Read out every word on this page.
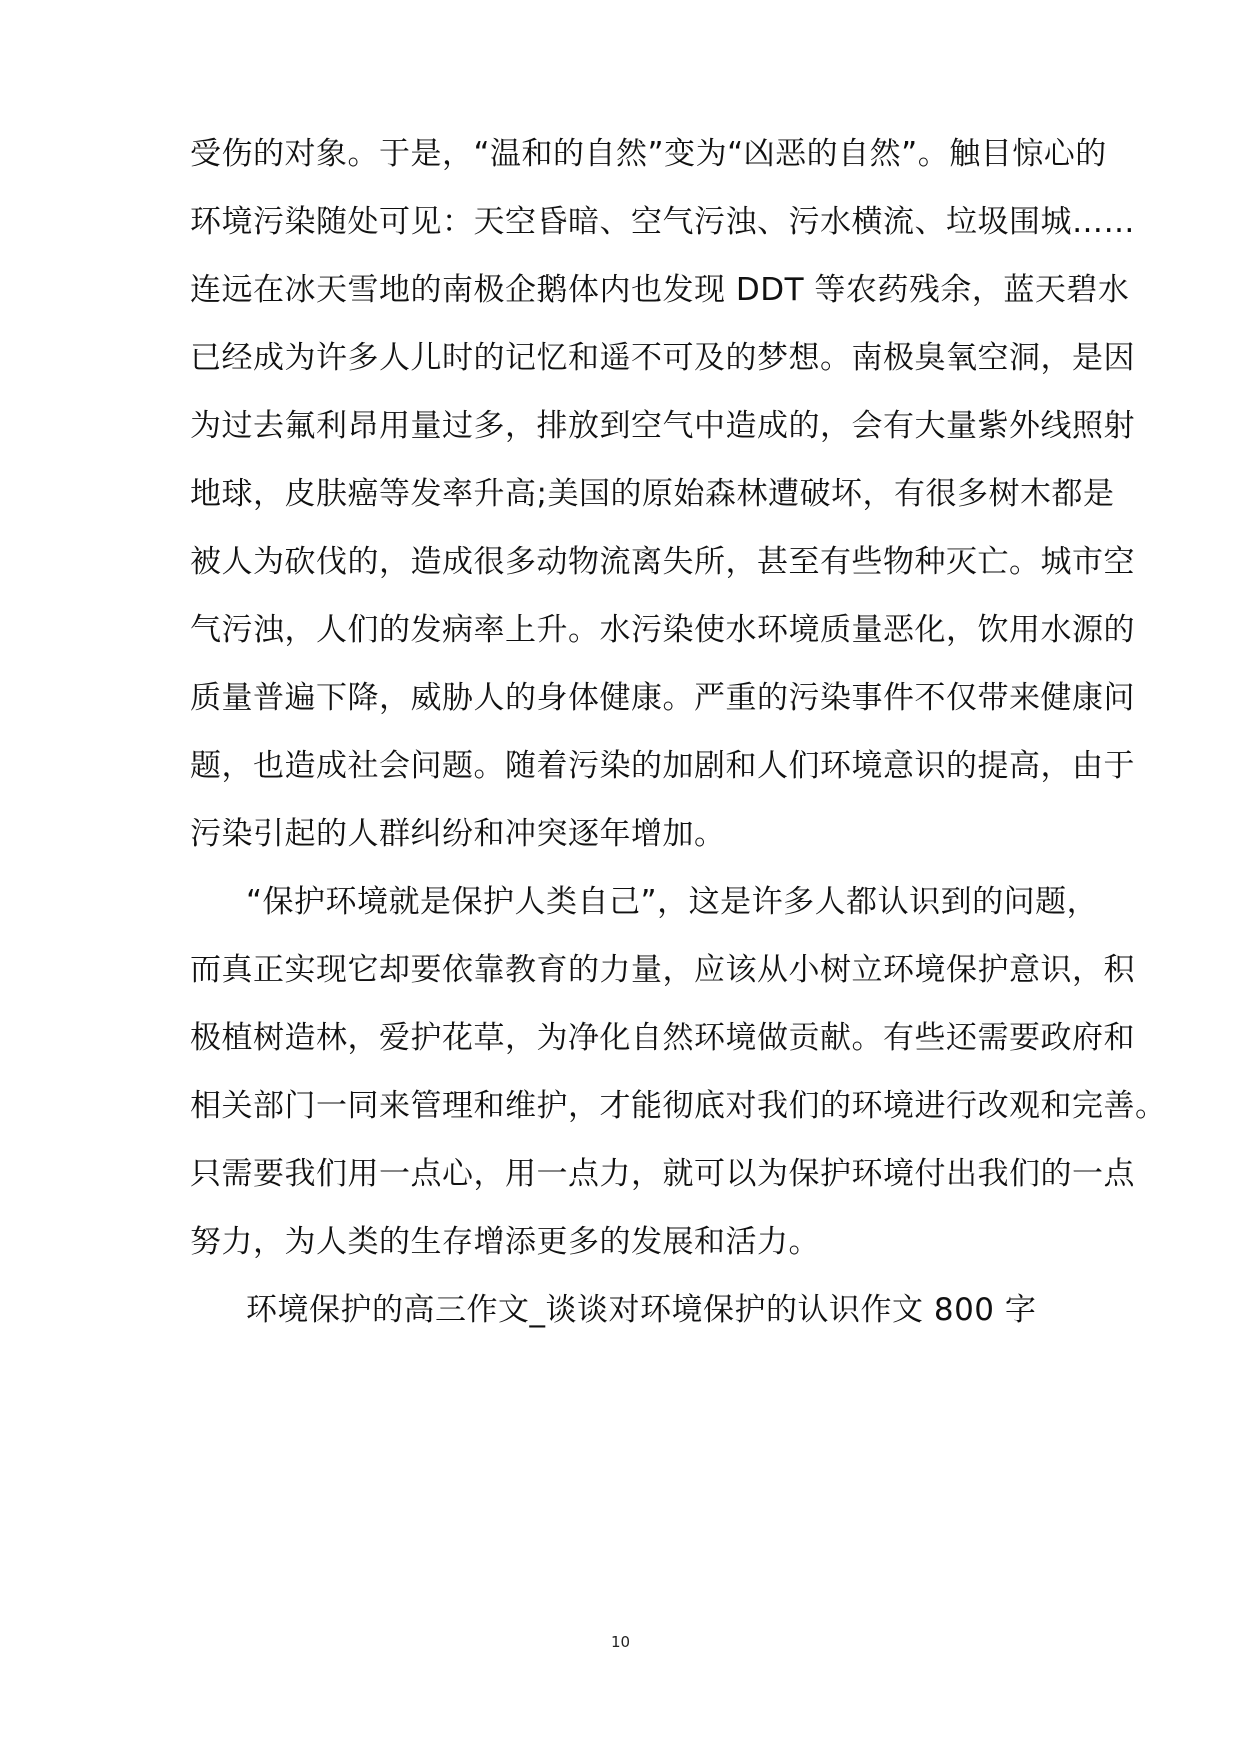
受伤的对象。于是，“温和的自然”变为“凶恶的自然”。触目惊心的
环境污染随处可见：天空昏暗、空气污浊、污水横流、垃圾围城……
连远在冰天雪地的南极企鹅体内也发现 DDT 等农药残余，蓝天碧水
已经成为许多人儿时的记忆和遥不可及的梦想。南极臭氧空洞，是因
为过去氟利昂用量过多，排放到空气中造成的，会有大量紫外线照射
地球，皮肤癌等发率升高;美国的原始森林遭破坏，有很多树木都是
被人为砍伐的，造成很多动物流离失所，甚至有些物种灭亡。城市空
气污浊，人们的发病率上升。水污染使水环境质量恶化，饮用水源的
质量普遍下降，威胁人的身体健康。严重的污染事件不仅带来健康问
题，也造成社会问题。随着污染的加剧和人们环境意识的提高，由于
污染引起的人群纠纷和冲突逐年增加。
“保护环境就是保护人类自己”，这是许多人都认识到的问题，
而真正实现它却要依靠教育的力量，应该从小树立环境保护意识，积
极植树造林，爱护花草，为净化自然环境做贡献。有些还需要政府和
相关部门一同来管理和维护，才能彻底对我们的环境进行改观和完善。
只需要我们用一点心，用一点力，就可以为保护环境付出我们的一点
努力，为人类的生存增添更多的发展和活力。
环境保护的高三作文_谈谈对环境保护的认识作文 800 字
10
